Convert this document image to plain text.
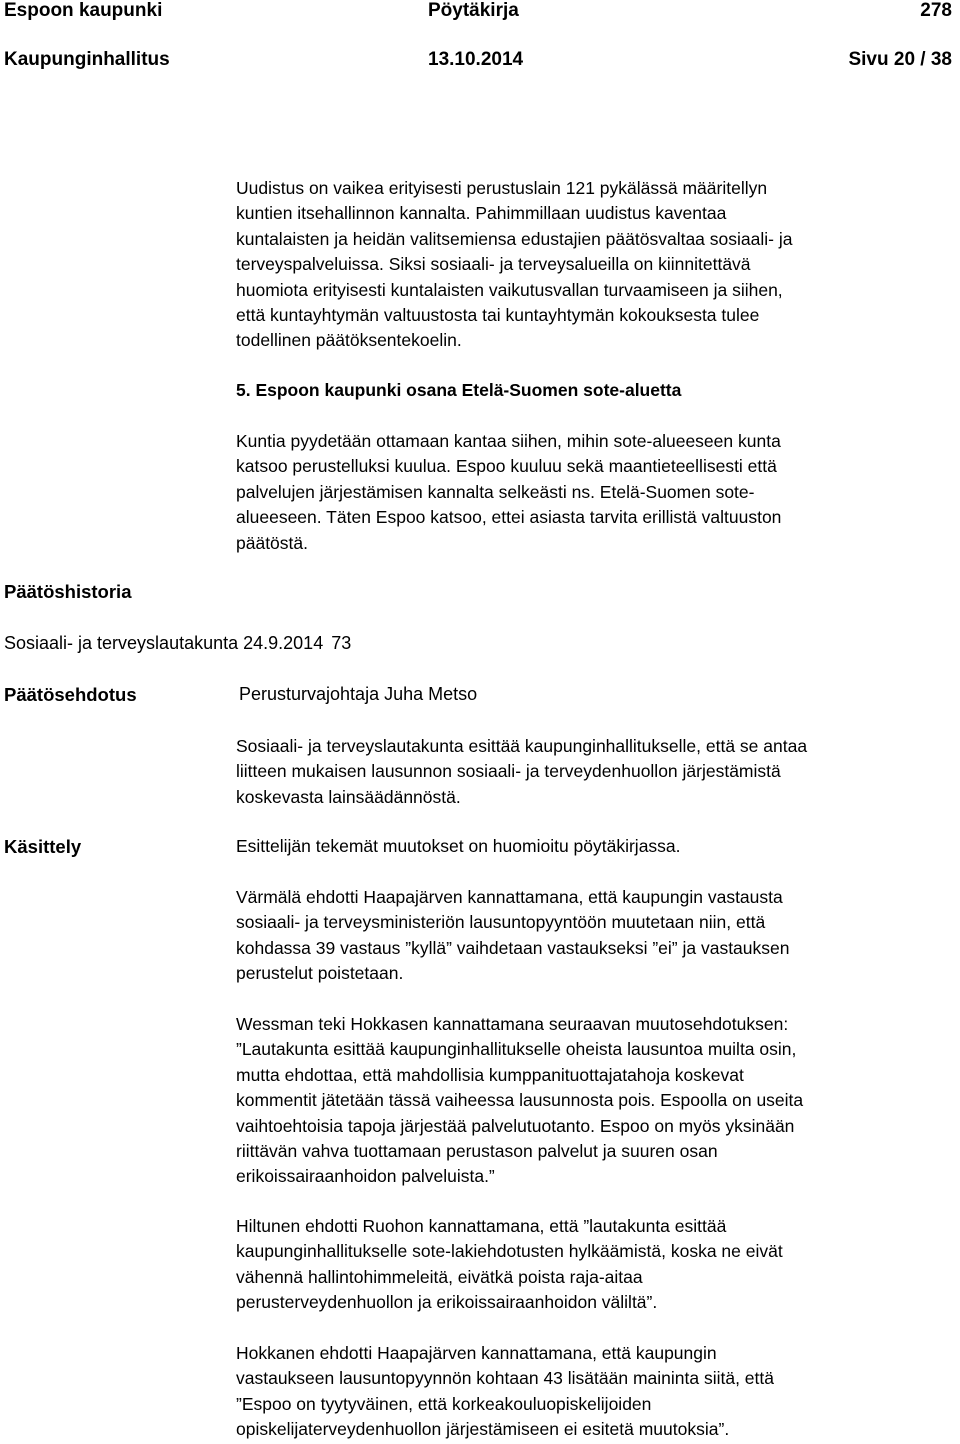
Espoon kaupunki	Pöytäkirja	278
Kaupunginhallitus	13.10.2014	Sivu 20 / 38
Uudistus on vaikea erityisesti perustuslain 121 pykälässä määritellyn
kuntien itsehallinnon kannalta. Pahimmillaan uudistus kaventaa
kuntalaisten ja heidän valitsemiensa edustajien päätösvaltaa sosiaali- ja
terveyspalveluissa. Siksi sosiaali- ja terveysalueilla on kiinnitettävä
huomiota erityisesti kuntalaisten vaikutusvallan turvaamiseen ja siihen,
että kuntayhtymän valtuustosta tai kuntayhtymän kokouksesta tulee
todellinen päätöksentekoelin.
5. Espoon kaupunki osana Etelä-Suomen sote-aluetta
Kuntia pyydetään ottamaan kantaa siihen, mihin sote-alueeseen kunta
katsoo perustelluksi kuulua. Espoo kuuluu sekä maantieteellisesti että
palvelujen järjestämisen kannalta selkeästi ns. Etelä-Suomen sote-
alueeseen. Täten Espoo katsoo, ettei asiasta tarvita erillistä valtuuston
päätöstä.
Päätöshistoria
Sosiaali- ja terveyslautakunta 24.9.2014 73
Päätösehdotus	Perusturvajohtaja Juha Metso
Sosiaali- ja terveyslautakunta esittää kaupunginhallitukselle, että se antaa
liitteen mukaisen lausunnon sosiaali- ja terveydenhuollon järjestämistä
koskevasta lainsäädännöstä.
Käsittely	Esittelijän tekemät muutokset on huomioitu pöytäkirjassa.
Värmälä ehdotti Haapajärven kannattamana, että kaupungin vastausta
sosiaali- ja terveysministeriön lausuntopyyntöön muutetaan niin, että
kohdassa 39 vastaus ”kyllä” vaihdetaan vastaukseksi ”ei” ja vastauksen
perustelut poistetaan.
Wessman teki Hokkasen kannattamana seuraavan muutosehdotuksen:
”Lautakunta esittää kaupunginhallitukselle oheista lausuntoa muilta osin,
mutta ehdottaa, että mahdollisia kumppanituottajatahoja koskevat
kommentit jätetään tässä vaiheessa lausunnosta pois. Espoolla on useita
vaihtoehtoisia tapoja järjestää palvelutuotanto. Espoo on myös yksinään
riittävän vahva tuottamaan perustason palvelut ja suuren osan
erikoissairaanhoidon palveluista.”
Hiltunen ehdotti Ruohon kannattamana, että ”lautakunta esittää
kaupunginhallitukselle sote-lakiehdotusten hylkäämistä, koska ne eivät
vähennä hallintohimmeleitä, eivätkä poista raja-aitaa
perusterveydenhuollon ja erikoissairaanhoidon väliltä”.
Hokkanen ehdotti Haapajärven kannattamana, että kaupungin
vastaukseen lausuntopyynnön kohtaan 43 lisätään maininta siitä, että
”Espoo on tyytyväinen, että korkeakouluopiskelijoiden
opiskelijaterveydenhuollon järjestämiseen ei esitetä muutoksia”.
